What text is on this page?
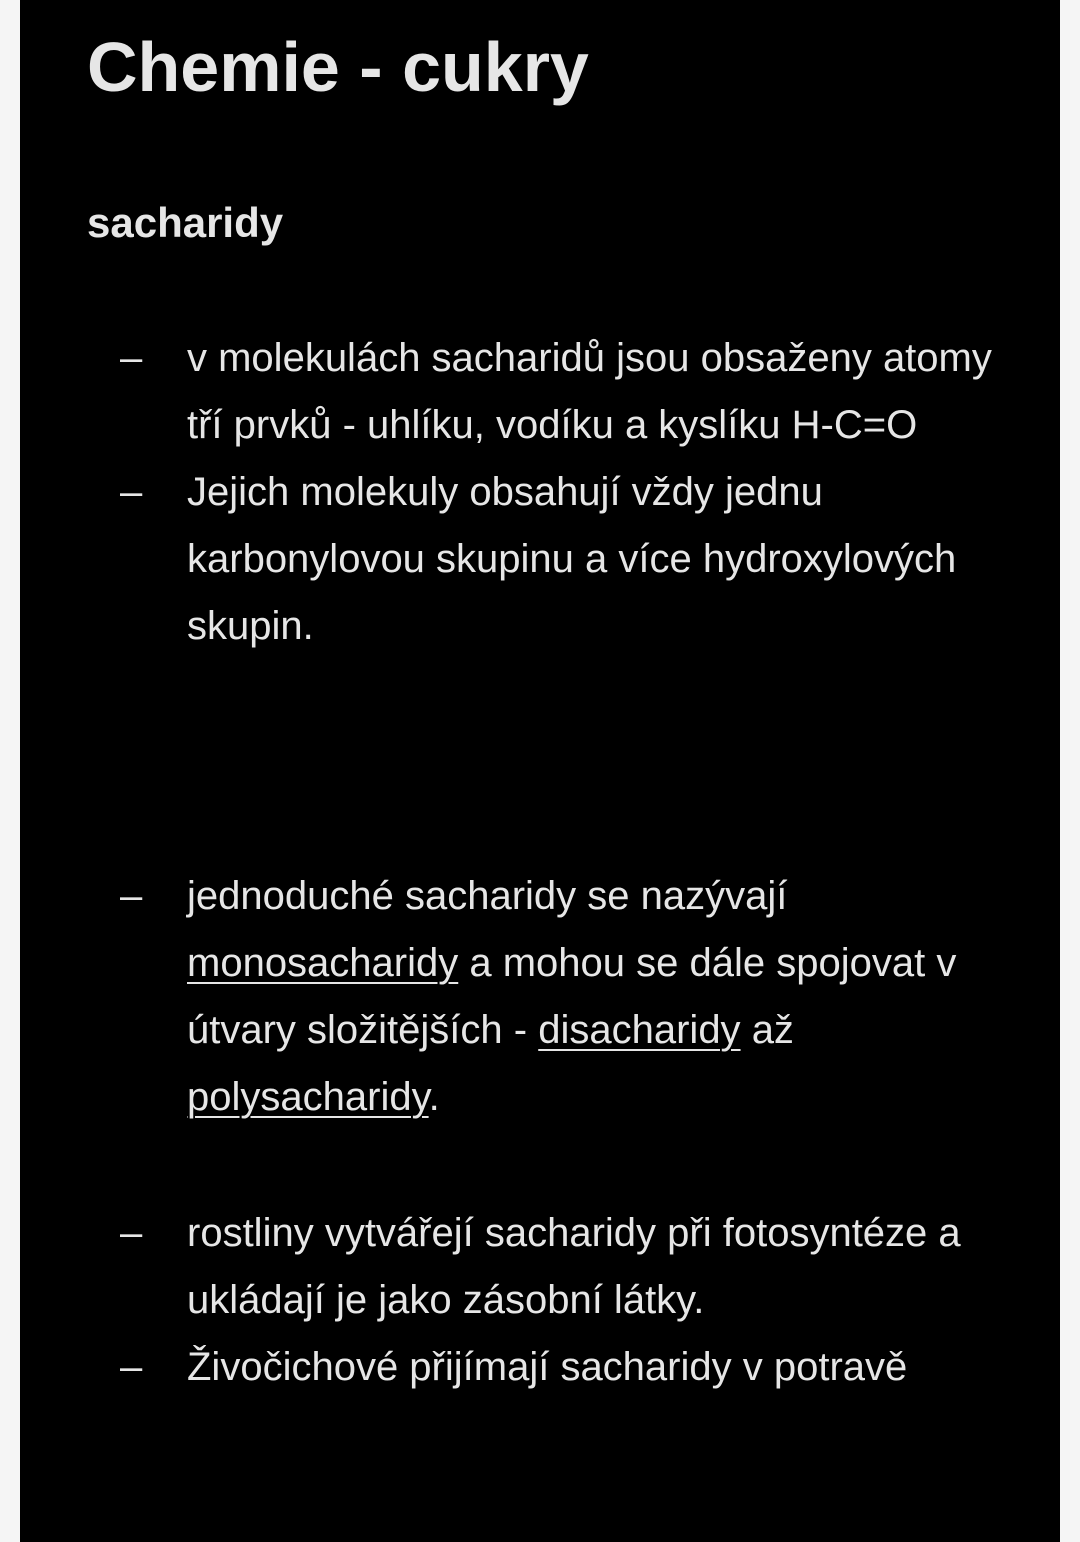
Chemie - cukry
sacharidy
–	v molekulách sacharidů jsou obsaženy atomy tří prvků - uhlíku, vodíku a kyslíku H-C=O
–	Jejich molekuly obsahují vždy jednu karbonylovou skupinu a více hydroxylových skupin.
–	jednoduché sacharidy se nazývají monosacharidy a mohou se dále spojovat v útvary složitějších - disacharidy až polysacharidy.
–	rostliny vytvářejí sacharidy při fotosyntéze a ukládají je jako zásobní látky.
–	Živočichové přijímají sacharidy v potravě
